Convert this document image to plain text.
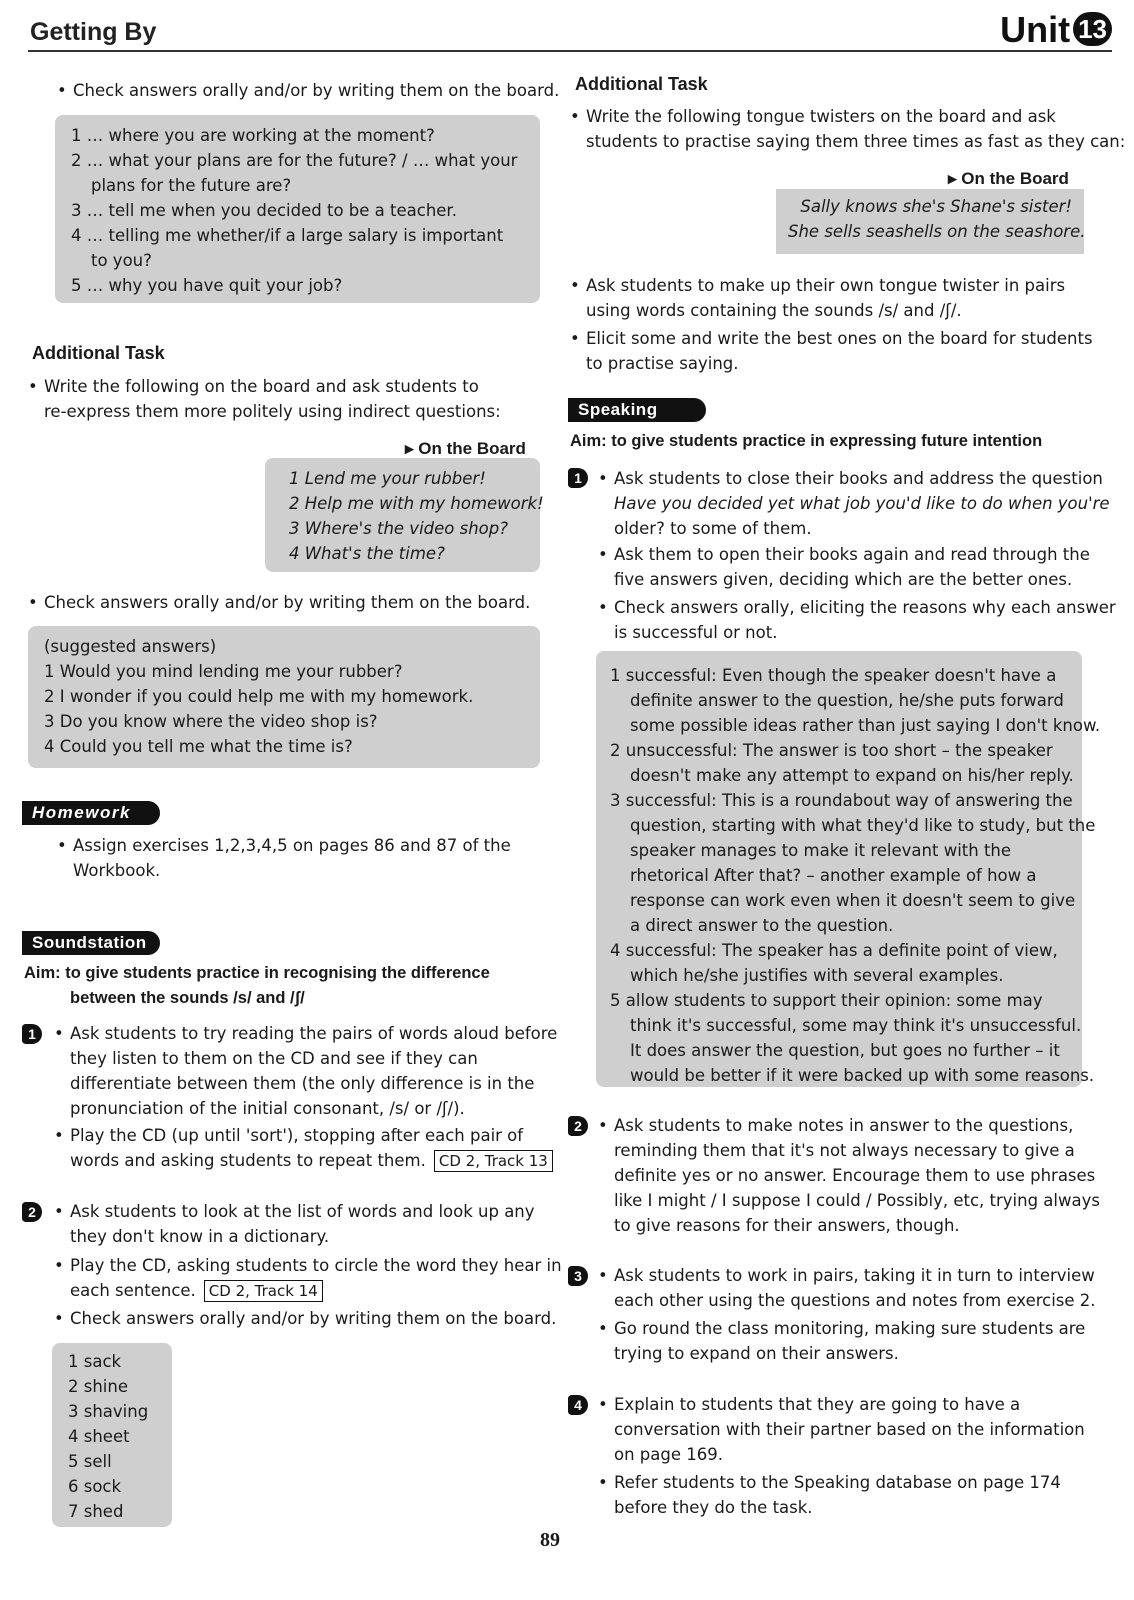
Getting By	Unit 13
• Check answers orally and/or by writing them on the board.
1 … where you are working at the moment?
2 … what your plans are for the future? / … what your
plans for the future are?
3 … tell me when you decided to be a teacher.
4 … telling me whether/if a large salary is important
to you?
5 … why you have quit your job?
Additional Task
• Write the following on the board and ask students to
re-express them more politely using indirect questions:
▸ On the Board
1 Lend me your rubber!
2 Help me with my homework!
3 Where's the video shop?
4 What's the time?
• Check answers orally and/or by writing them on the board.
(suggested answers)
1 Would you mind lending me your rubber?
2 I wonder if you could help me with my homework.
3 Do you know where the video shop is?
4 Could you tell me what the time is?
Homework
• Assign exercises 1,2,3,4,5 on pages 86 and 87 of the
Workbook.
Soundstation
Aim: to give students practice in recognising the difference
between the sounds /s/ and /ʃ/
1	• Ask students to try reading the pairs of words aloud before
they listen to them on the CD and see if they can
differentiate between them (the only difference is in the
pronunciation of the initial consonant, /s/ or /ʃ/).
• Play the CD (up until 'sort'), stopping after each pair of
words and asking students to repeat them. CD 2, Track 13
2	• Ask students to look at the list of words and look up any
they don't know in a dictionary.
• Play the CD, asking students to circle the word they hear in
each sentence. CD 2, Track 14
• Check answers orally and/or by writing them on the board.
1 sack
2 shine
3 shaving
4 sheet
5 sell
6 sock
7 shed
Additional Task
• Write the following tongue twisters on the board and ask
students to practise saying them three times as fast as they can:
▸ On the Board
Sally knows she's Shane's sister!
She sells seashells on the seashore.
• Ask students to make up their own tongue twister in pairs
using words containing the sounds /s/ and /ʃ/.
• Elicit some and write the best ones on the board for students
to practise saying.
Speaking
Aim: to give students practice in expressing future intention
1	• Ask students to close their books and address the question
Have you decided yet what job you'd like to do when you're
older? to some of them.
• Ask them to open their books again and read through the
five answers given, deciding which are the better ones.
• Check answers orally, eliciting the reasons why each answer
is successful or not.
1 successful: Even though the speaker doesn't have a
definite answer to the question, he/she puts forward
some possible ideas rather than just saying I don't know.
2 unsuccessful: The answer is too short – the speaker
doesn't make any attempt to expand on his/her reply.
3 successful: This is a roundabout way of answering the
question, starting with what they'd like to study, but the
speaker manages to make it relevant with the
rhetorical After that? – another example of how a
response can work even when it doesn't seem to give
a direct answer to the question.
4 successful: The speaker has a definite point of view,
which he/she justifies with several examples.
5 allow students to support their opinion: some may
think it's successful, some may think it's unsuccessful.
It does answer the question, but goes no further – it
would be better if it were backed up with some reasons.
2	• Ask students to make notes in answer to the questions,
reminding them that it's not always necessary to give a
definite yes or no answer. Encourage them to use phrases
like I might / I suppose I could / Possibly, etc, trying always
to give reasons for their answers, though.
3	• Ask students to work in pairs, taking it in turn to interview
each other using the questions and notes from exercise 2.
• Go round the class monitoring, making sure students are
trying to expand on their answers.
4	• Explain to students that they are going to have a
conversation with their partner based on the information
on page 169.
• Refer students to the Speaking database on page 174
before they do the task.
89
